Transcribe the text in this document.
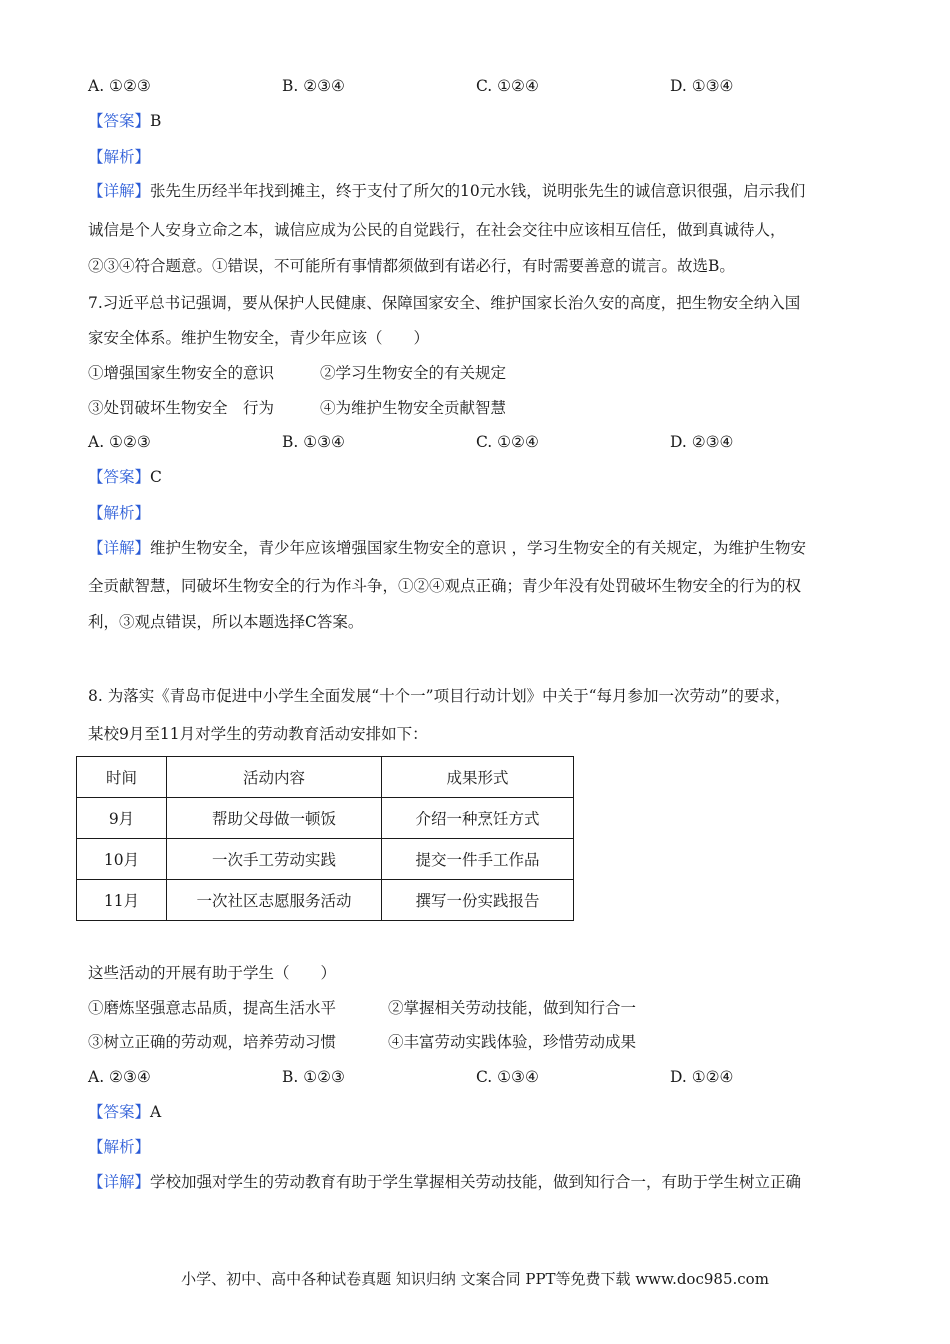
A. ①②③	B. ②③④	C. ①②④	D. ①③④
【答案】B
【解析】
【详解】张先生历经半年找到摊主，终于支付了所欠的10元水钱，说明张先生的诚信意识很强，启示我们
诚信是个人安身立命之本，诚信应成为公民的自觉践行，在社会交往中应该相互信任，做到真诚待人，
②③④符合题意。①错误，不可能所有事情都须做到有诺必行，有时需要善意的谎言。故选B。
7.习近平总书记强调，要从保护人民健康、保障国家安全、维护国家长治久安的高度，把生物安全纳入国
家安全体系。维护生物安全，青少年应该（　　）
①增强国家生物安全的意识	②学习生物安全的有关规定
③处罚破坏生物安全　行为	④为维护生物安全贡献智慧
A. ①②③	B. ①③④	C. ①②④	D. ②③④
【答案】C
【解析】
【详解】维护生物安全，青少年应该增强国家生物安全的意识 ，学习生物安全的有关规定，为维护生物安
全贡献智慧，同破坏生物安全的行为作斗争，①②④观点正确；青少年没有处罚破坏生物安全的行为的权
利，③观点错误，所以本题选择C答案。
8. 为落实《青岛市促进中小学生全面发展“十个一”项目行动计划》中关于“每月参加一次劳动”的要求，
某校9月至11月对学生的劳动教育活动安排如下：
时间	活动内容	成果形式
9月	帮助父母做一顿饭	介绍一种烹饪方式
10月	一次手工劳动实践	提交一件手工作品
11月	一次社区志愿服务活动	撰写一份实践报告
这些活动的开展有助于学生（　　）
①磨炼坚强意志品质，提高生活水平	②掌握相关劳动技能，做到知行合一
③树立正确的劳动观，培养劳动习惯	④丰富劳动实践体验，珍惜劳动成果
A. ②③④	B. ①②③	C. ①③④	D. ①②④
【答案】A
【解析】
【详解】学校加强对学生的劳动教育有助于学生掌握相关劳动技能，做到知行合一，有助于学生树立正确
小学、初中、高中各种试卷真题 知识归纳 文案合同 PPT等免费下载 www.doc985.com
